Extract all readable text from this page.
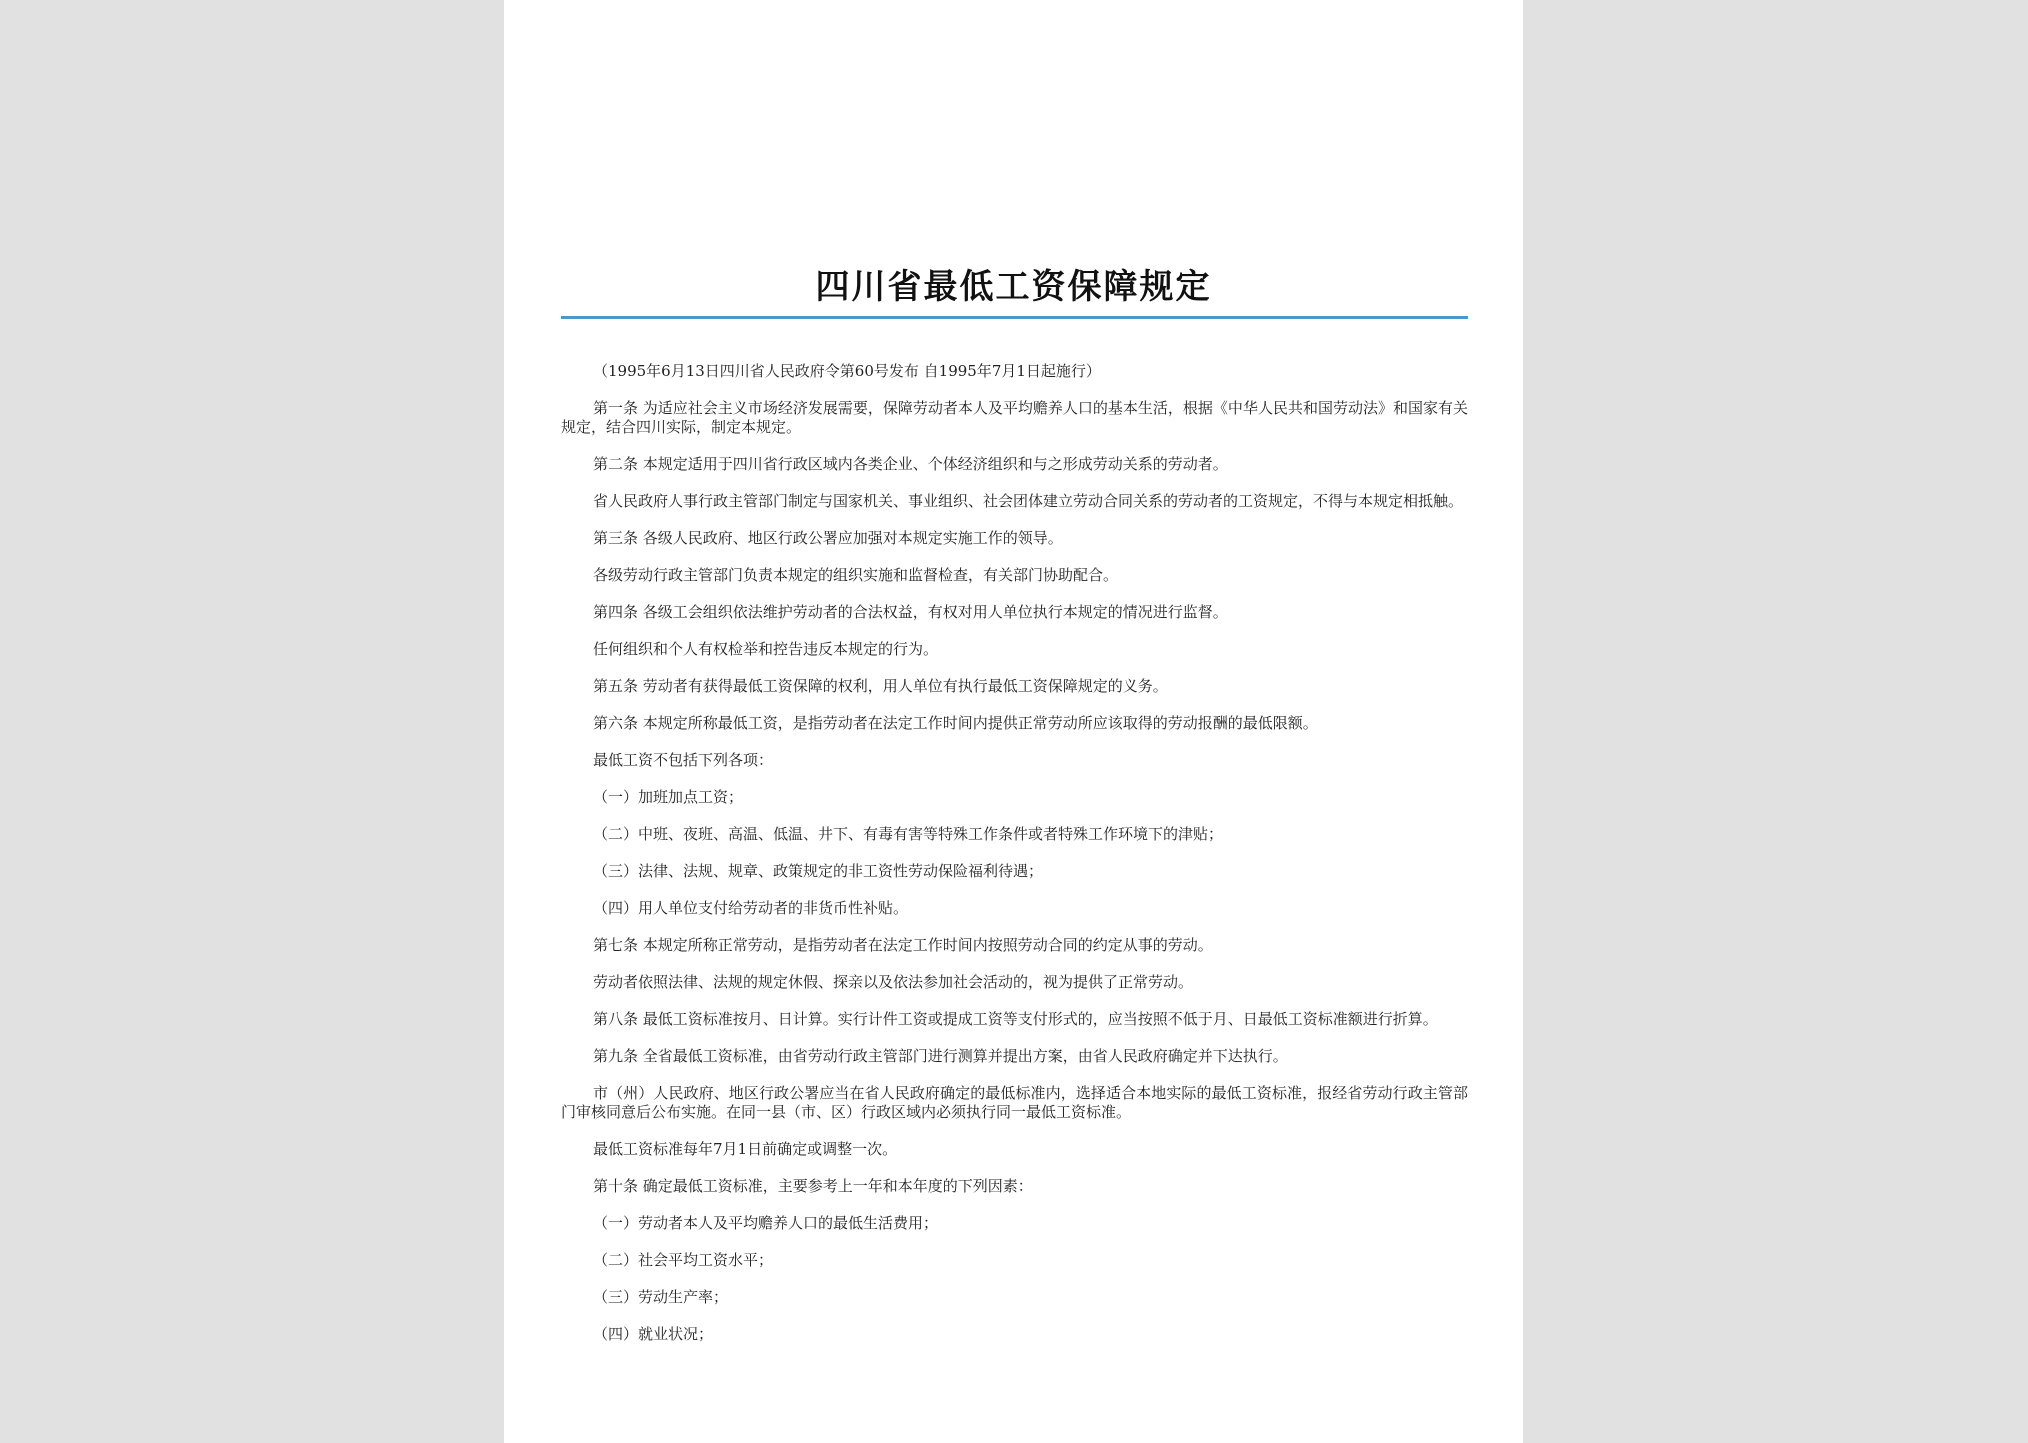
四川省最低工资保障规定

（1995年6月13日四川省人民政府令第60号发布 自1995年7月1日起施行）

第一条 为适应社会主义市场经济发展需要，保障劳动者本人及平均赡养人口的基本生活，根据《中华人民共和国劳动法》和国家有关规定，结合四川实际，制定本规定。

第二条 本规定适用于四川省行政区域内各类企业、个体经济组织和与之形成劳动关系的劳动者。

省人民政府人事行政主管部门制定与国家机关、事业组织、社会团体建立劳动合同关系的劳动者的工资规定，不得与本规定相抵触。

第三条 各级人民政府、地区行政公署应加强对本规定实施工作的领导。

各级劳动行政主管部门负责本规定的组织实施和监督检查，有关部门协助配合。

第四条 各级工会组织依法维护劳动者的合法权益，有权对用人单位执行本规定的情况进行监督。

任何组织和个人有权检举和控告违反本规定的行为。

第五条 劳动者有获得最低工资保障的权利，用人单位有执行最低工资保障规定的义务。

第六条 本规定所称最低工资，是指劳动者在法定工作时间内提供正常劳动所应该取得的劳动报酬的最低限额。

最低工资不包括下列各项：

（一）加班加点工资；

（二）中班、夜班、高温、低温、井下、有毒有害等特殊工作条件或者特殊工作环境下的津贴；

（三）法律、法规、规章、政策规定的非工资性劳动保险福利待遇；

（四）用人单位支付给劳动者的非货币性补贴。

第七条 本规定所称正常劳动，是指劳动者在法定工作时间内按照劳动合同的约定从事的劳动。

劳动者依照法律、法规的规定休假、探亲以及依法参加社会活动的，视为提供了正常劳动。

第八条 最低工资标准按月、日计算。实行计件工资或提成工资等支付形式的，应当按照不低于月、日最低工资标准额进行折算。

第九条 全省最低工资标准，由省劳动行政主管部门进行测算并提出方案，由省人民政府确定并下达执行。

市（州）人民政府、地区行政公署应当在省人民政府确定的最低标准内，选择适合本地实际的最低工资标准，报经省劳动行政主管部门审核同意后公布实施。在同一县（市、区）行政区域内必须执行同一最低工资标准。

最低工资标准每年7月1日前确定或调整一次。

第十条 确定最低工资标准，主要参考上一年和本年度的下列因素：

（一）劳动者本人及平均赡养人口的最低生活费用；

（二）社会平均工资水平；

（三）劳动生产率；

（四）就业状况；
